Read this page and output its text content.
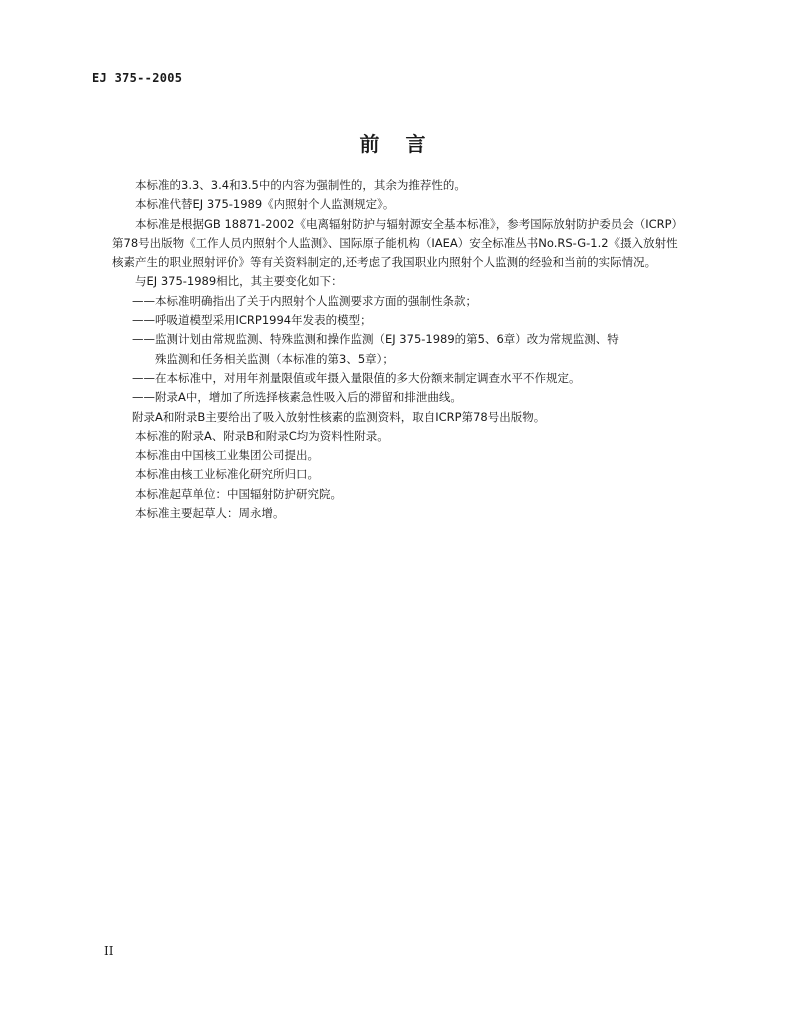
EJ 375--2005
前言

本标准的3.3、3.4和3.5中的内容为强制性的，其余为推荐性的。

本标准代替EJ 375-1989《内照射个人监测规定》。

本标准是根据GB 18871-2002《电离辐射防护与辐射源安全基本标准》，参考国际放射防护委员会（ICRP）第78号出版物《工作人员内照射个人监测》、国际原子能机构（IAEA）安全标准丛书No.RS-G-1.2《摄入放射性核素产生的职业照射评价》等有关资料制定的,还考虑了我国职业内照射个人监测的经验和当前的实际情况。

与EJ 375-1989相比，其主要变化如下：

——本标准明确指出了关于内照射个人监测要求方面的强制性条款；

——呼吸道模型采用ICRP1994年发表的模型；

——监测计划由常规监测、特殊监测和操作监测（EJ 375-1989的第5、6章）改为常规监测、特

殊监测和任务相关监测（本标准的第3、5章）；

——在本标准中，对用年剂量限值或年摄入量限值的多大份额来制定调查水平不作规定。

——附录A中，增加了所选择核素急性吸入后的滞留和排泄曲线。

附录A和附录B主要给出了吸入放射性核素的监测资料，取自ICRP第78号出版物。

本标准的附录A、附录B和附录C均为资料性附录。

本标准由中国核工业集团公司提出。

本标准由核工业标准化研究所归口。

本标准起草单位：中国辐射防护研究院。

本标准主要起草人：周永增。

II
